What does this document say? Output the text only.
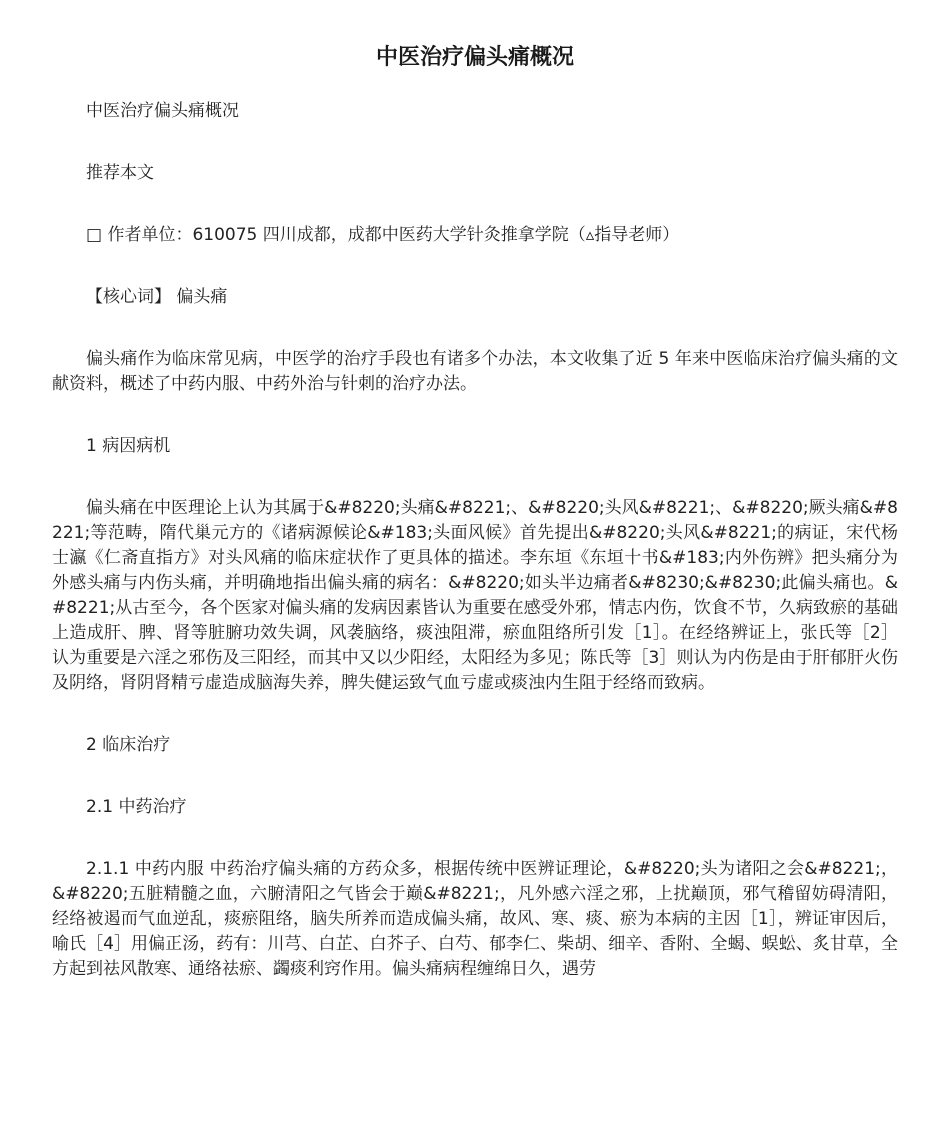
中医治疗偏头痛概况

中医治疗偏头痛概况

推荐本文

□ 作者单位：610075 四川成都，成都中医药大学针灸推拿学院（▵指导老师）

【核心词】 偏头痛

偏头痛作为临床常见病，中医学的治疗手段也有诸多个办法，本文收集了近 5 年来中医临床治疗偏头痛的文献资料，概述了中药内服、中药外治与针刺的治疗办法。

1 病因病机

偏头痛在中医理论上认为其属于&#8220;头痛&#8221;、&#8220;头风&#8221;、&#8220;厥头痛&#8221;等范畴，隋代巢元方的《诸病源候论&#183;头面风候》首先提出&#8220;头风&#8221;的病证，宋代杨士瀛《仁斋直指方》对头风痛的临床症状作了更具体的描述。李东垣《东垣十书&#183;内外伤辨》把头痛分为外感头痛与内伤头痛，并明确地指出偏头痛的病名：&#8220;如头半边痛者&#8230;&#8230;此偏头痛也。&#8221;从古至今，各个医家对偏头痛的发病因素皆认为重要在感受外邪，情志内伤，饮食不节，久病致瘀的基础上造成肝、脾、肾等脏腑功效失调，风袭脑络，痰浊阻滞，瘀血阻络所引发［1］。在经络辨证上，张氏等［2］认为重要是六淫之邪伤及三阳经，而其中又以少阳经，太阳经为多见；陈氏等［3］则认为内伤是由于肝郁肝火伤及阴络，肾阴肾精亏虚造成脑海失养，脾失健运致气血亏虚或痰浊内生阻于经络而致病。

2 临床治疗

2.1 中药治疗

2.1.1 中药内服 中药治疗偏头痛的方药众多，根据传统中医辨证理论，&#8220;头为诸阳之会&#8221;，&#8220;五脏精髓之血，六腑清阳之气皆会于巅&#8221;，凡外感六淫之邪，上扰巅顶，邪气稽留妨碍清阳，经络被遏而气血逆乱，痰瘀阻络，脑失所养而造成偏头痛，故风、寒、痰、瘀为本病的主因［1］，辨证审因后，喻氏［4］用偏正汤，药有：川芎、白芷、白芥子、白芍、郁李仁、柴胡、细辛、香附、全蝎、蜈蚣、炙甘草，全方起到祛风散寒、通络祛瘀、蠲痰利窍作用。偏头痛病程缠绵日久，遇劳
